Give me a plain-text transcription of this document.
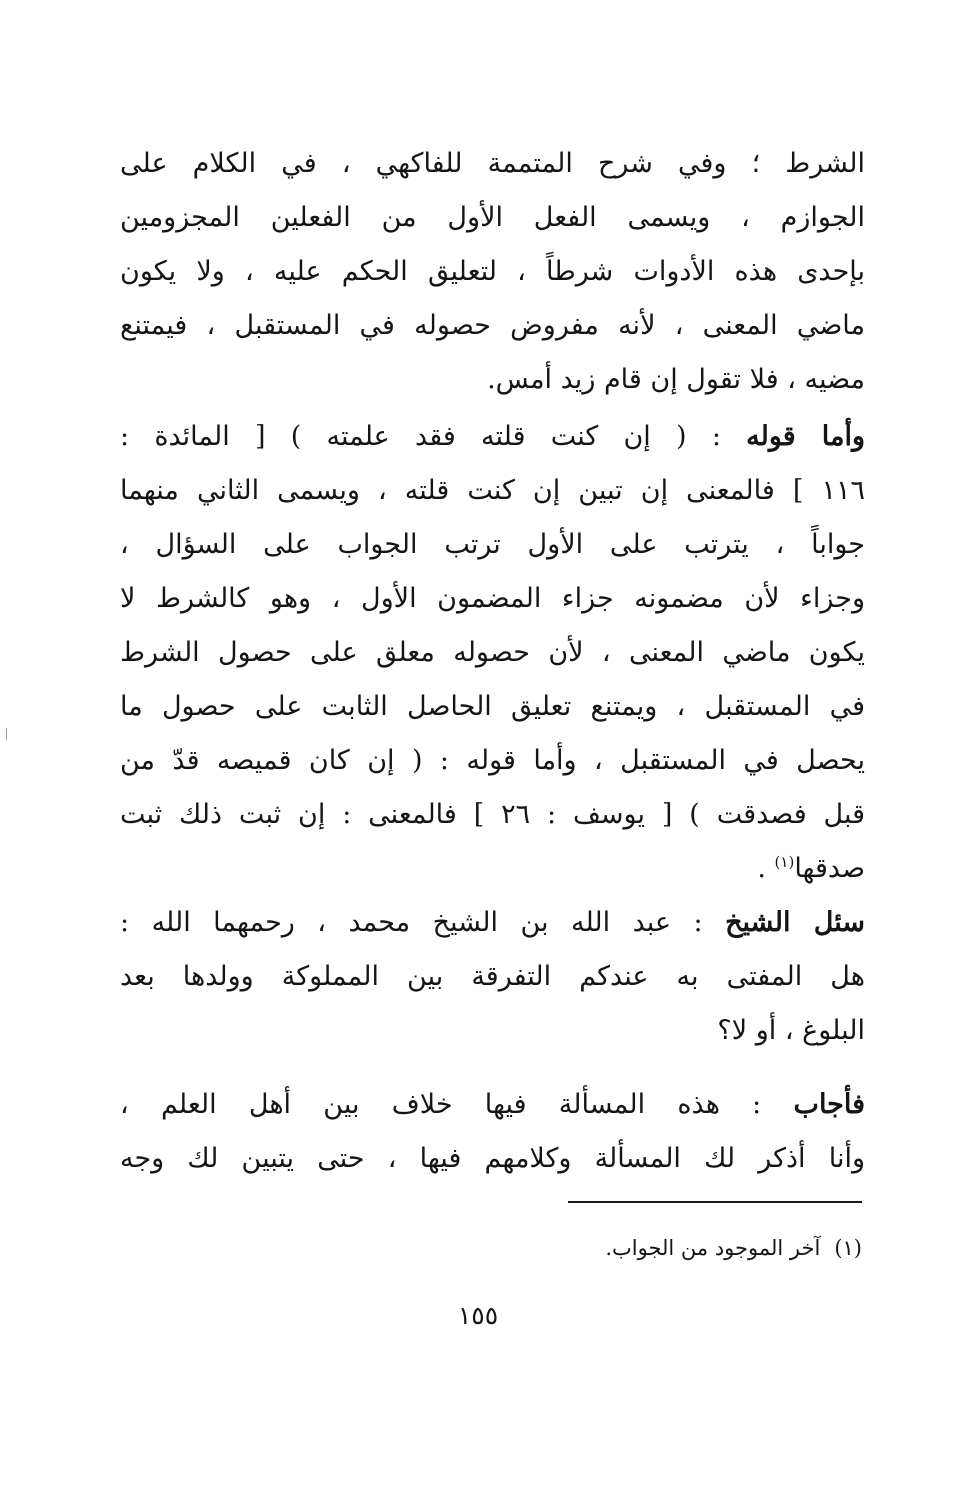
الشرط ؛ وفي شرح المتممة للفاكهي ، في الكلام على
الجوازم ، ويسمى الفعل الأول من الفعلين المجزومين
بإحدى هذه الأدوات شرطاً ، لتعليق الحكم عليه ، ولا يكون
ماضي المعنى ، لأنه مفروض حصوله في المستقبل ، فيمتنع
مضيه ، فلا تقول إن قام زيد أمس.
وأما قوله : ( إن كنت قلته فقد علمته ) [ المائدة :
١١٦ ] فالمعنى إن تبين إن كنت قلته ، ويسمى الثاني منهما
جواباً ، يترتب على الأول ترتب الجواب على السؤال ،
وجزاء لأن مضمونه جزاء المضمون الأول ، وهو كالشرط لا
يكون ماضي المعنى ، لأن حصوله معلق على حصول الشرط
في المستقبل ، ويمتنع تعليق الحاصل الثابت على حصول ما
يحصل في المستقبل ، وأما قوله : ( إن كان قميصه قدّ من
قبل فصدقت ) [ يوسف : ٢٦ ] فالمعنى : إن ثبت ذلك ثبت
صدقها$^{(١)}$ .
سئل الشيخ : عبد الله بن الشيخ محمد ، رحمهما الله :
هل المفتى به عندكم التفرقة بين المملوكة وولدها بعد
البلوغ ، أو لا؟
فأجاب : هذه المسألة فيها خلاف بين أهل العلم ،
وأنا أذكر لك المسألة وكلامهم فيها ، حتى يتبين لك وجه
(١)آخر الموجود من الجواب.
١٥٥
